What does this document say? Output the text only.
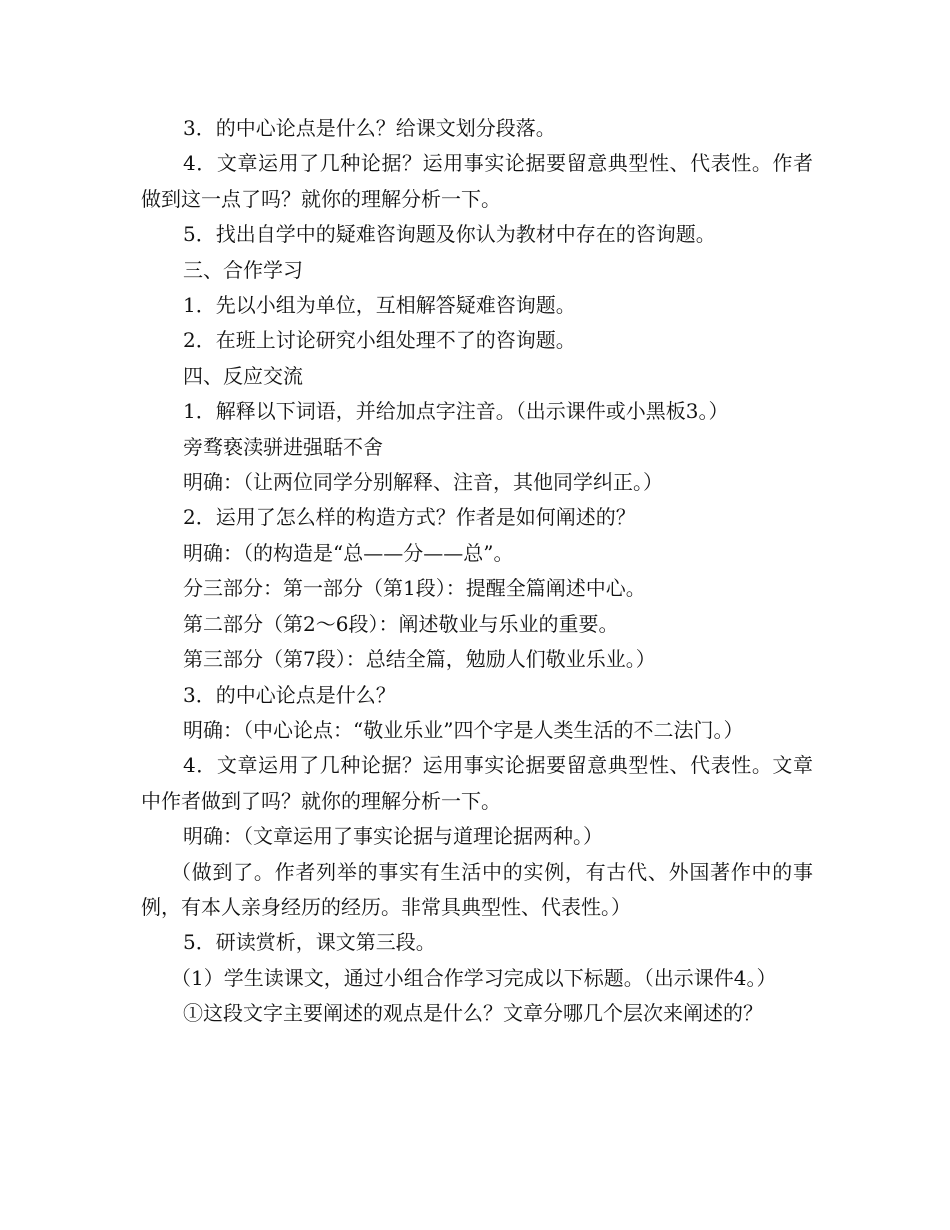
3．的中心论点是什么？给课文划分段落。

4．文章运用了几种论据？运用事实论据要留意典型性、代表性。作者做到这一点了吗？就你的理解分析一下。

5．找出自学中的疑难咨询题及你认为教材中存在的咨询题。

三、合作学习

1．先以小组为单位，互相解答疑难咨询题。

2．在班上讨论研究小组处理不了的咨询题。

四、反应交流

1．解释以下词语，并给加点字注音。（出示课件或小黑板3。）

旁骛亵渎骈进强聒不舍

明确：（让两位同学分别解释、注音，其他同学纠正。）

2．运用了怎么样的构造方式？作者是如何阐述的？

明确：（的构造是“总——分——总”。

分三部分：第一部分（第1段）：提醒全篇阐述中心。

第二部分（第2～6段）：阐述敬业与乐业的重要。

第三部分（第7段）：总结全篇，勉励人们敬业乐业。）

3．的中心论点是什么？

明确：（中心论点：“敬业乐业”四个字是人类生活的不二法门。）

4．文章运用了几种论据？运用事实论据要留意典型性、代表性。文章中作者做到了吗？就你的理解分析一下。

明确：（文章运用了事实论据与道理论据两种。）

（做到了。作者列举的事实有生活中的实例，有古代、外国著作中的事例，有本人亲身经历的经历。非常具典型性、代表性。）

5．研读赏析，课文第三段。

（1）学生读课文，通过小组合作学习完成以下标题。（出示课件4。）

①这段文字主要阐述的观点是什么？文章分哪几个层次来阐述的？
